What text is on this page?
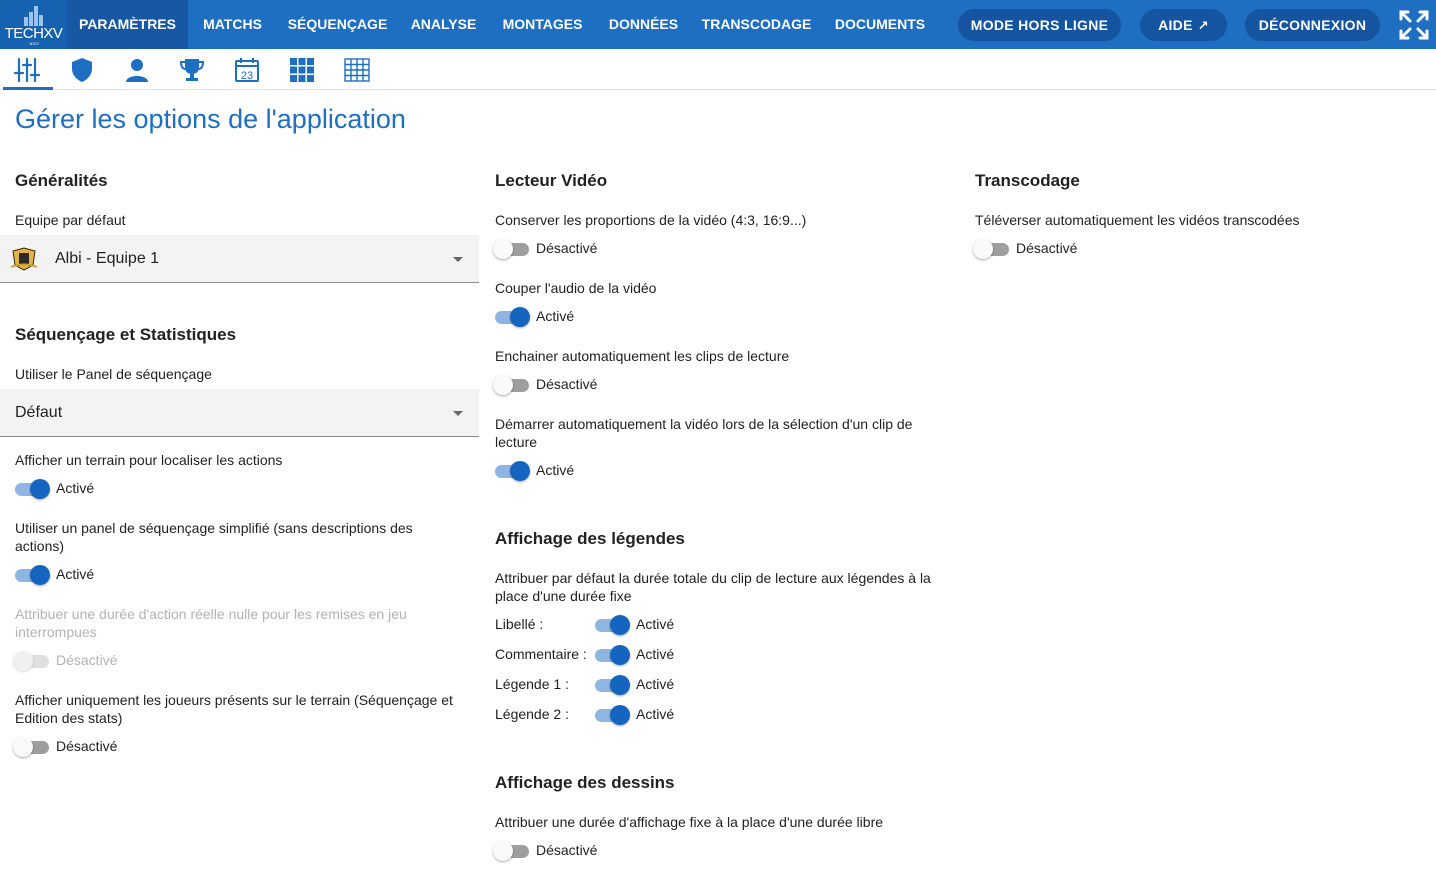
TECHXV
VIDEO
PARAMÈTRES	MATCHS	SÉQUENÇAGE	ANALYSE	MONTAGES	DONNÉES	TRANSCODAGE	DOCUMENTS	MODE HORS LIGNE	AIDE ↗	DÉCONNEXION
23
Gérer les options de l'application
Généralités
Equipe par défaut
Albi - Equipe 1
Séquençage et Statistiques
Utiliser le Panel de séquençage
Défaut
Afficher un terrain pour localiser les actions
Activé
Utiliser un panel de séquençage simplifié (sans descriptions des actions)
Activé
Attribuer une durée d'action réelle nulle pour les remises en jeu interrompues
Désactivé
Afficher uniquement les joueurs présents sur le terrain (Séquençage et Edition des stats)
Désactivé
Lecteur Vidéo
Conserver les proportions de la vidéo (4:3, 16:9...)
Désactivé
Couper l'audio de la vidéo
Activé
Enchainer automatiquement les clips de lecture
Désactivé
Démarrer automatiquement la vidéo lors de la sélection d'un clip de lecture
Activé
Affichage des légendes
Attribuer par défaut la durée totale du clip de lecture aux légendes à la place d'une durée fixe
Libellé :	Activé
Commentaire :	Activé
Légende 1 :	Activé
Légende 2 :	Activé
Affichage des dessins
Attribuer une durée d'affichage fixe à la place d'une durée libre
Désactivé
Transcodage
Téléverser automatiquement les vidéos transcodées
Désactivé
